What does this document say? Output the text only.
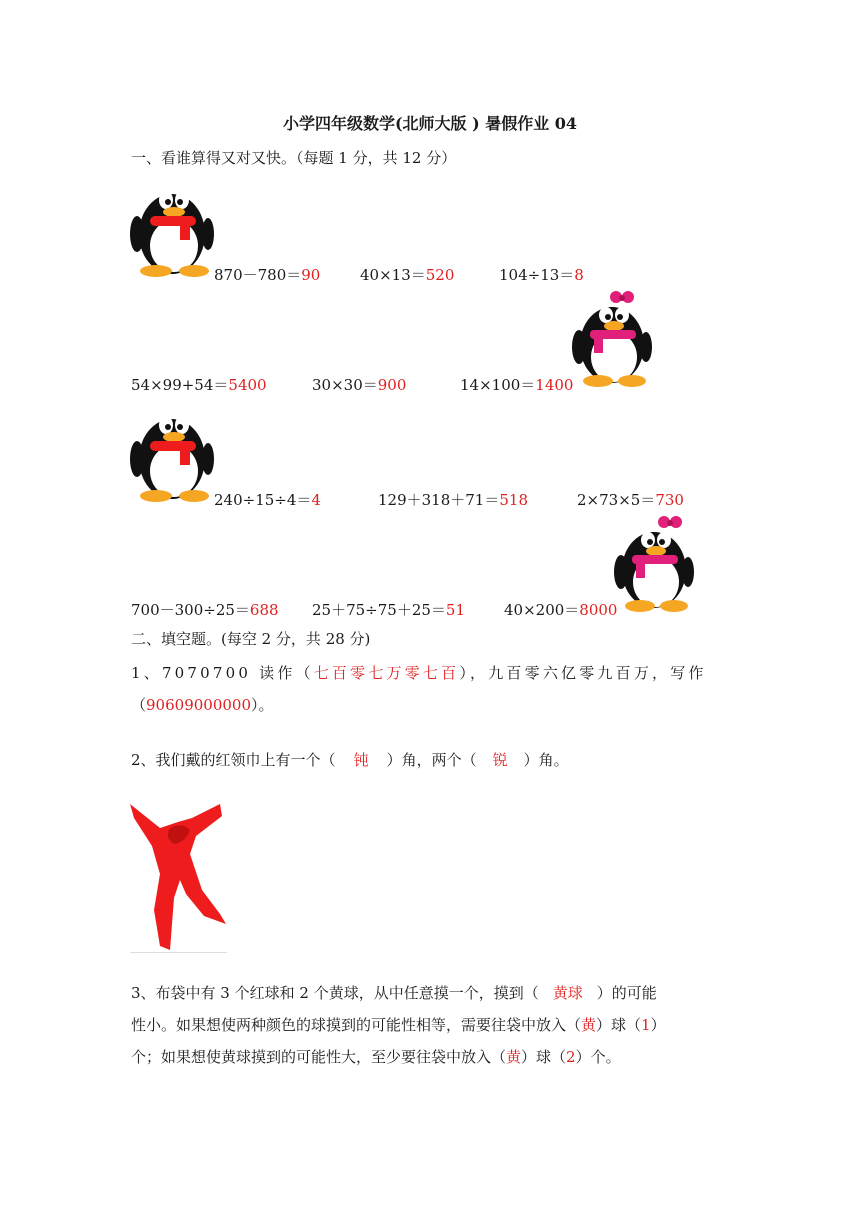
小学四年级数学(北师大版 ) 暑假作业 04
一、看谁算得又对又快。（每题 1 分，共 12 分）
870－780＝90	40×13＝520	104÷13＝8
54×99+54＝5400	30×30＝900	14×100＝1400
240÷15÷4＝4	129＋318＋71＝518	2×73×5＝730
700－300÷25＝688 25＋75÷75＋25＝51	40×200＝8000
二、填空题。(每空 2 分，共 28 分)
1、7070700 读作（七百零七万零七百），九百零六亿零九百万，写作
（90609000000）。
2、我们戴的红领巾上有一个（ 钝 ）角，两个（ 锐 ）角。
3、布袋中有 3 个红球和 2 个黄球，从中任意摸一个，摸到（ 黄球 ）的可能
性小。如果想使两种颜色的球摸到的可能性相等，需要往袋中放入（黄）球（1）
个；如果想使黄球摸到的可能性大，至少要往袋中放入（黄）球（2）个。
